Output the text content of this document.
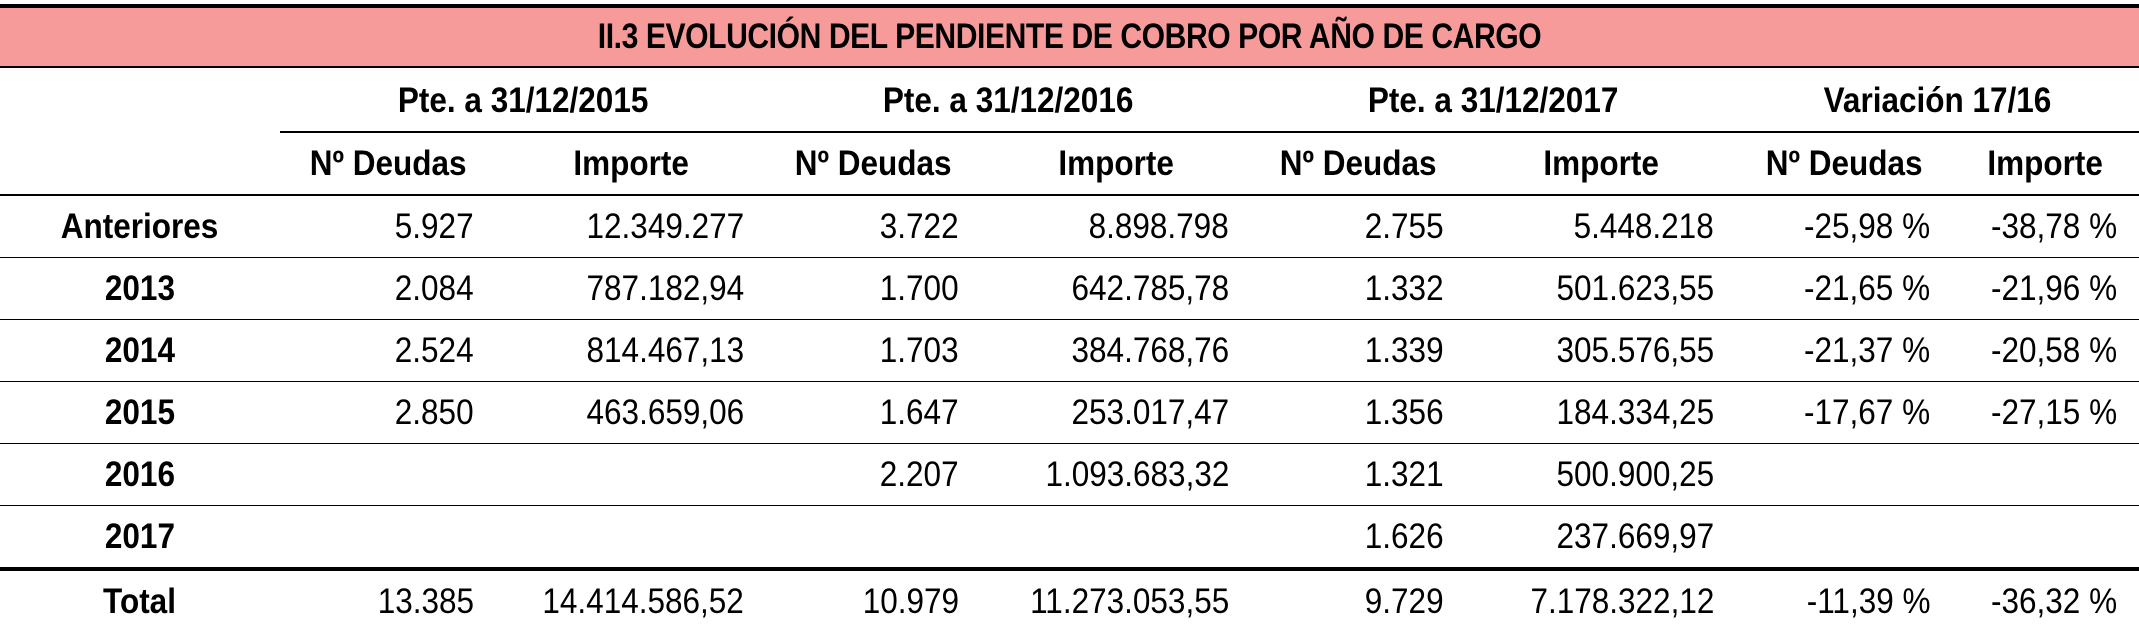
II.3 EVOLUCIÓN DEL PENDIENTE DE COBRO POR AÑO DE CARGO
	Pte. a 31/12/2015		Pte. a 31/12/2016		Pte. a 31/12/2017		Variación 17/16	
	Nº Deudas	Importe	Nº Deudas	Importe	Nº Deudas	Importe	Nº Deudas	Importe
Anteriores	5.927	12.349.277	3.722	8.898.798	2.755	5.448.218	-25,98 %	-38,78 %
2013	2.084	787.182,94	1.700	642.785,78	1.332	501.623,55	-21,65 %	-21,96 %
2014	2.524	814.467,13	1.703	384.768,76	1.339	305.576,55	-21,37 %	-20,58 %
2015	2.850	463.659,06	1.647	253.017,47	1.356	184.334,25	-17,67 %	-27,15 %
2016			2.207	1.093.683,32	1.321	500.900,25		
2017					1.626	237.669,97		
Total	13.385	14.414.586,52	10.979	11.273.053,55	9.729	7.178.322,12	-11,39 %	-36,32 %
